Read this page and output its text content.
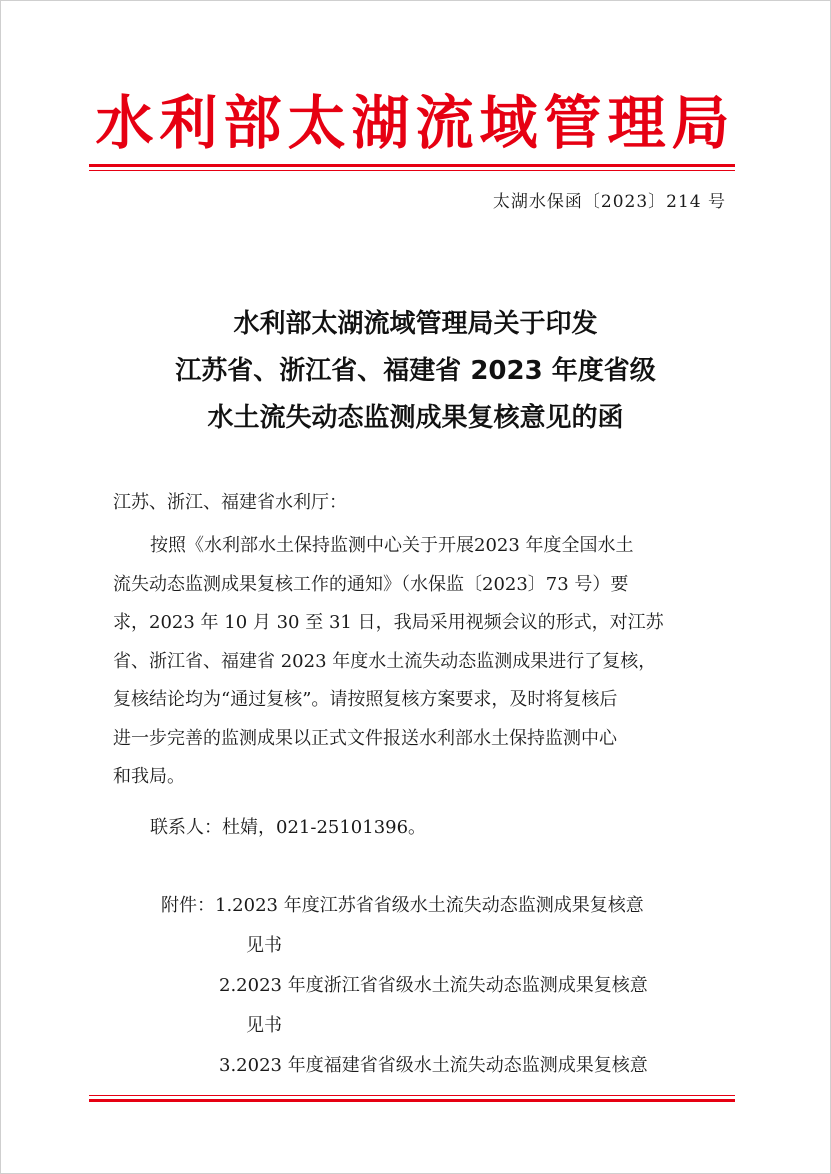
水利部太湖流域管理局
太湖水保函〔2023〕214 号
水利部太湖流域管理局关于印发
江苏省、浙江省、福建省 2023 年度省级
水土流失动态监测成果复核意见的函
江苏、浙江、福建省水利厅：
按照《水利部水土保持监测中心关于开展2023 年度全国水土
流失动态监测成果复核工作的通知》（水保监〔2023〕73 号）要
求，2023 年 10 月 30 至 31 日，我局采用视频会议的形式，对江苏
省、浙江省、福建省 2023 年度水土流失动态监测成果进行了复核，
复核结论均为“通过复核”。请按照复核方案要求，及时将复核后
进一步完善的监测成果以正式文件报送水利部水土保持监测中心
和我局。
联系人：杜婧，021-25101396。
附件：1.2023 年度江苏省省级水土流失动态监测成果复核意
见书
2.2023 年度浙江省省级水土流失动态监测成果复核意
见书
3.2023 年度福建省省级水土流失动态监测成果复核意
